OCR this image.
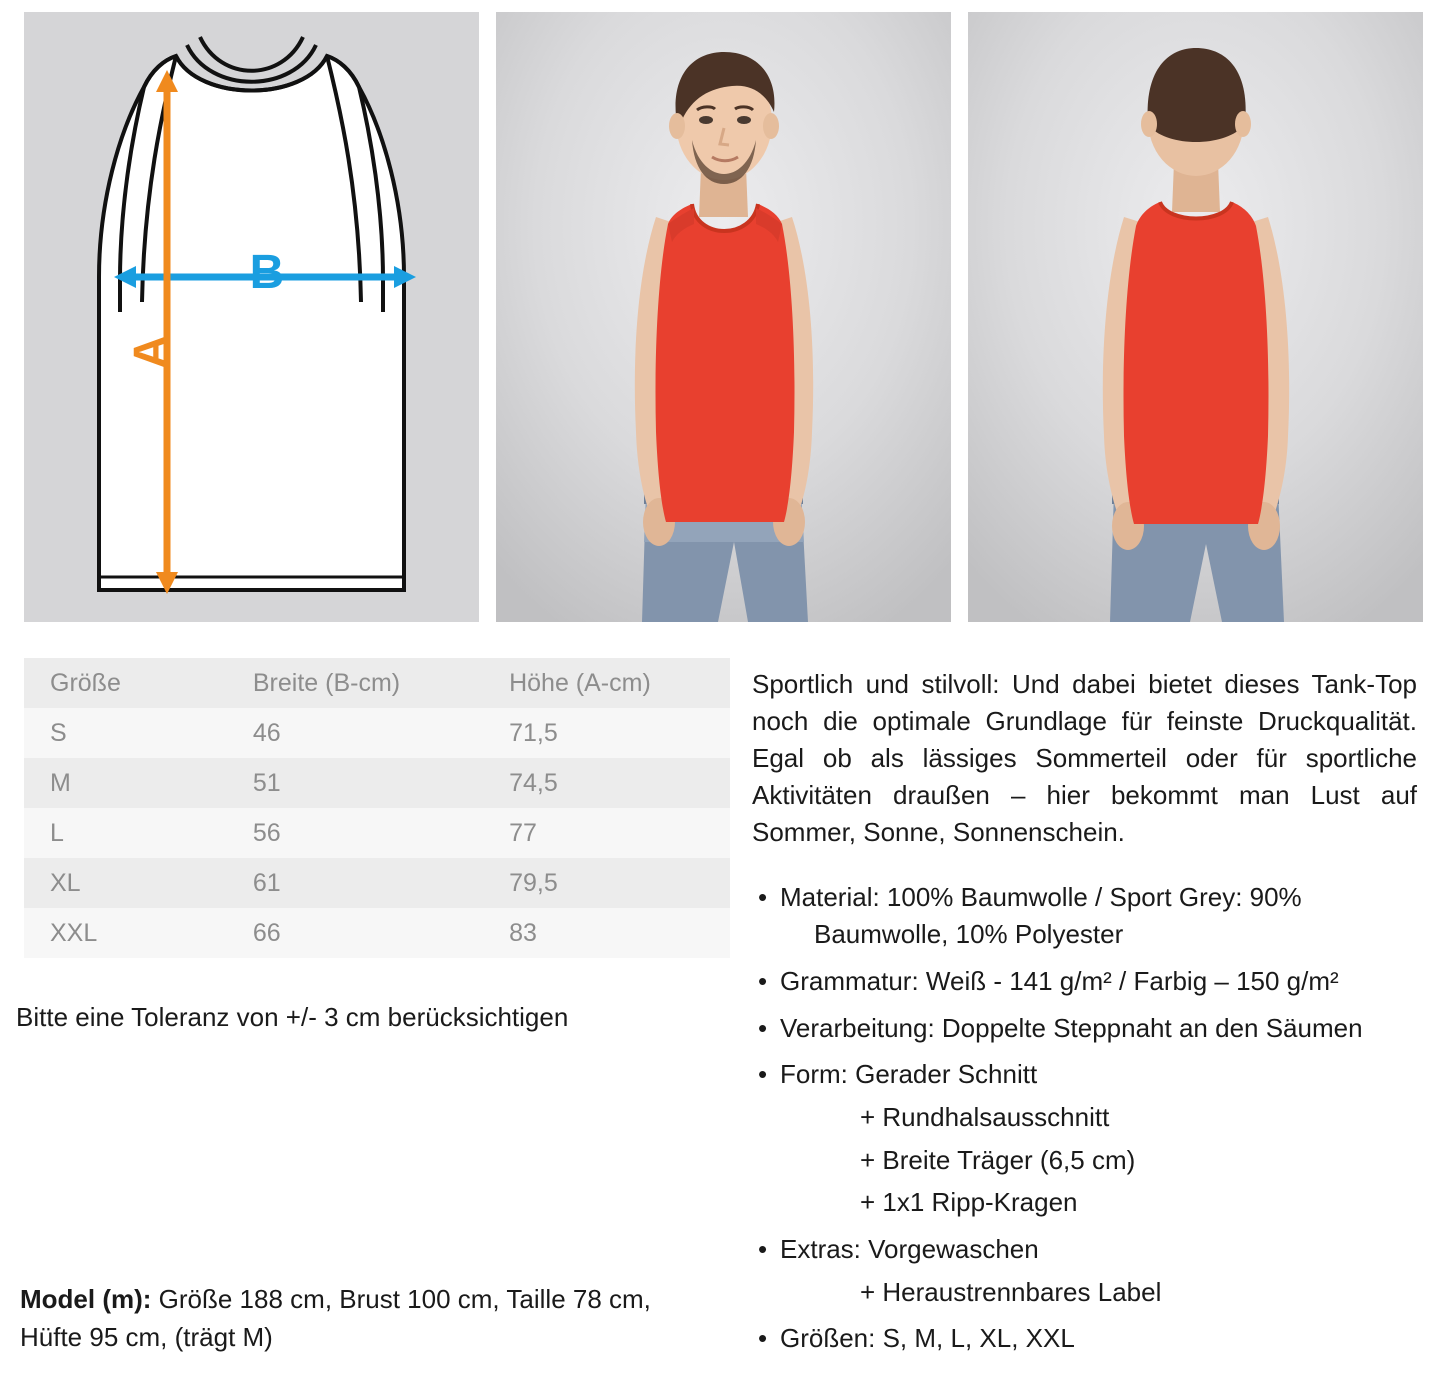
B
A
Größe	Breite (B-cm)	Höhe (A-cm)
S	46	71,5
M	51	74,5
L	56	77
XL	61	79,5
XXL	66	83
Bitte eine Toleranz von +/- 3 cm berücksichtigen
Model (m): Größe 188 cm, Brust 100 cm, Taille 78 cm, Hüfte 95 cm, (trägt M)

Sportlich und stilvoll: Und dabei bietet dieses Tank-Top noch die optimale Grundlage für feinste Druckqualität. Egal ob als lässiges Sommerteil oder für sportliche Aktivitäten draußen – hier bekommt man Lust auf Sommer, Sonne, Sonnenschein.

• Material: 100% Baumwolle / Sport Grey: 90%
Baumwolle, 10% Polyester
• Grammatur: Weiß - 141 g/m² / Farbig – 150 g/m²
• Verarbeitung: Doppelte Steppnaht an den Säumen
• Form: Gerader Schnitt
+ Rundhalsausschnitt
+ Breite Träger (6,5 cm)
+ 1x1 Ripp-Kragen
• Extras: Vorgewaschen
+ Heraustrennbares Label
• Größen: S, M, L, XL, XXL
